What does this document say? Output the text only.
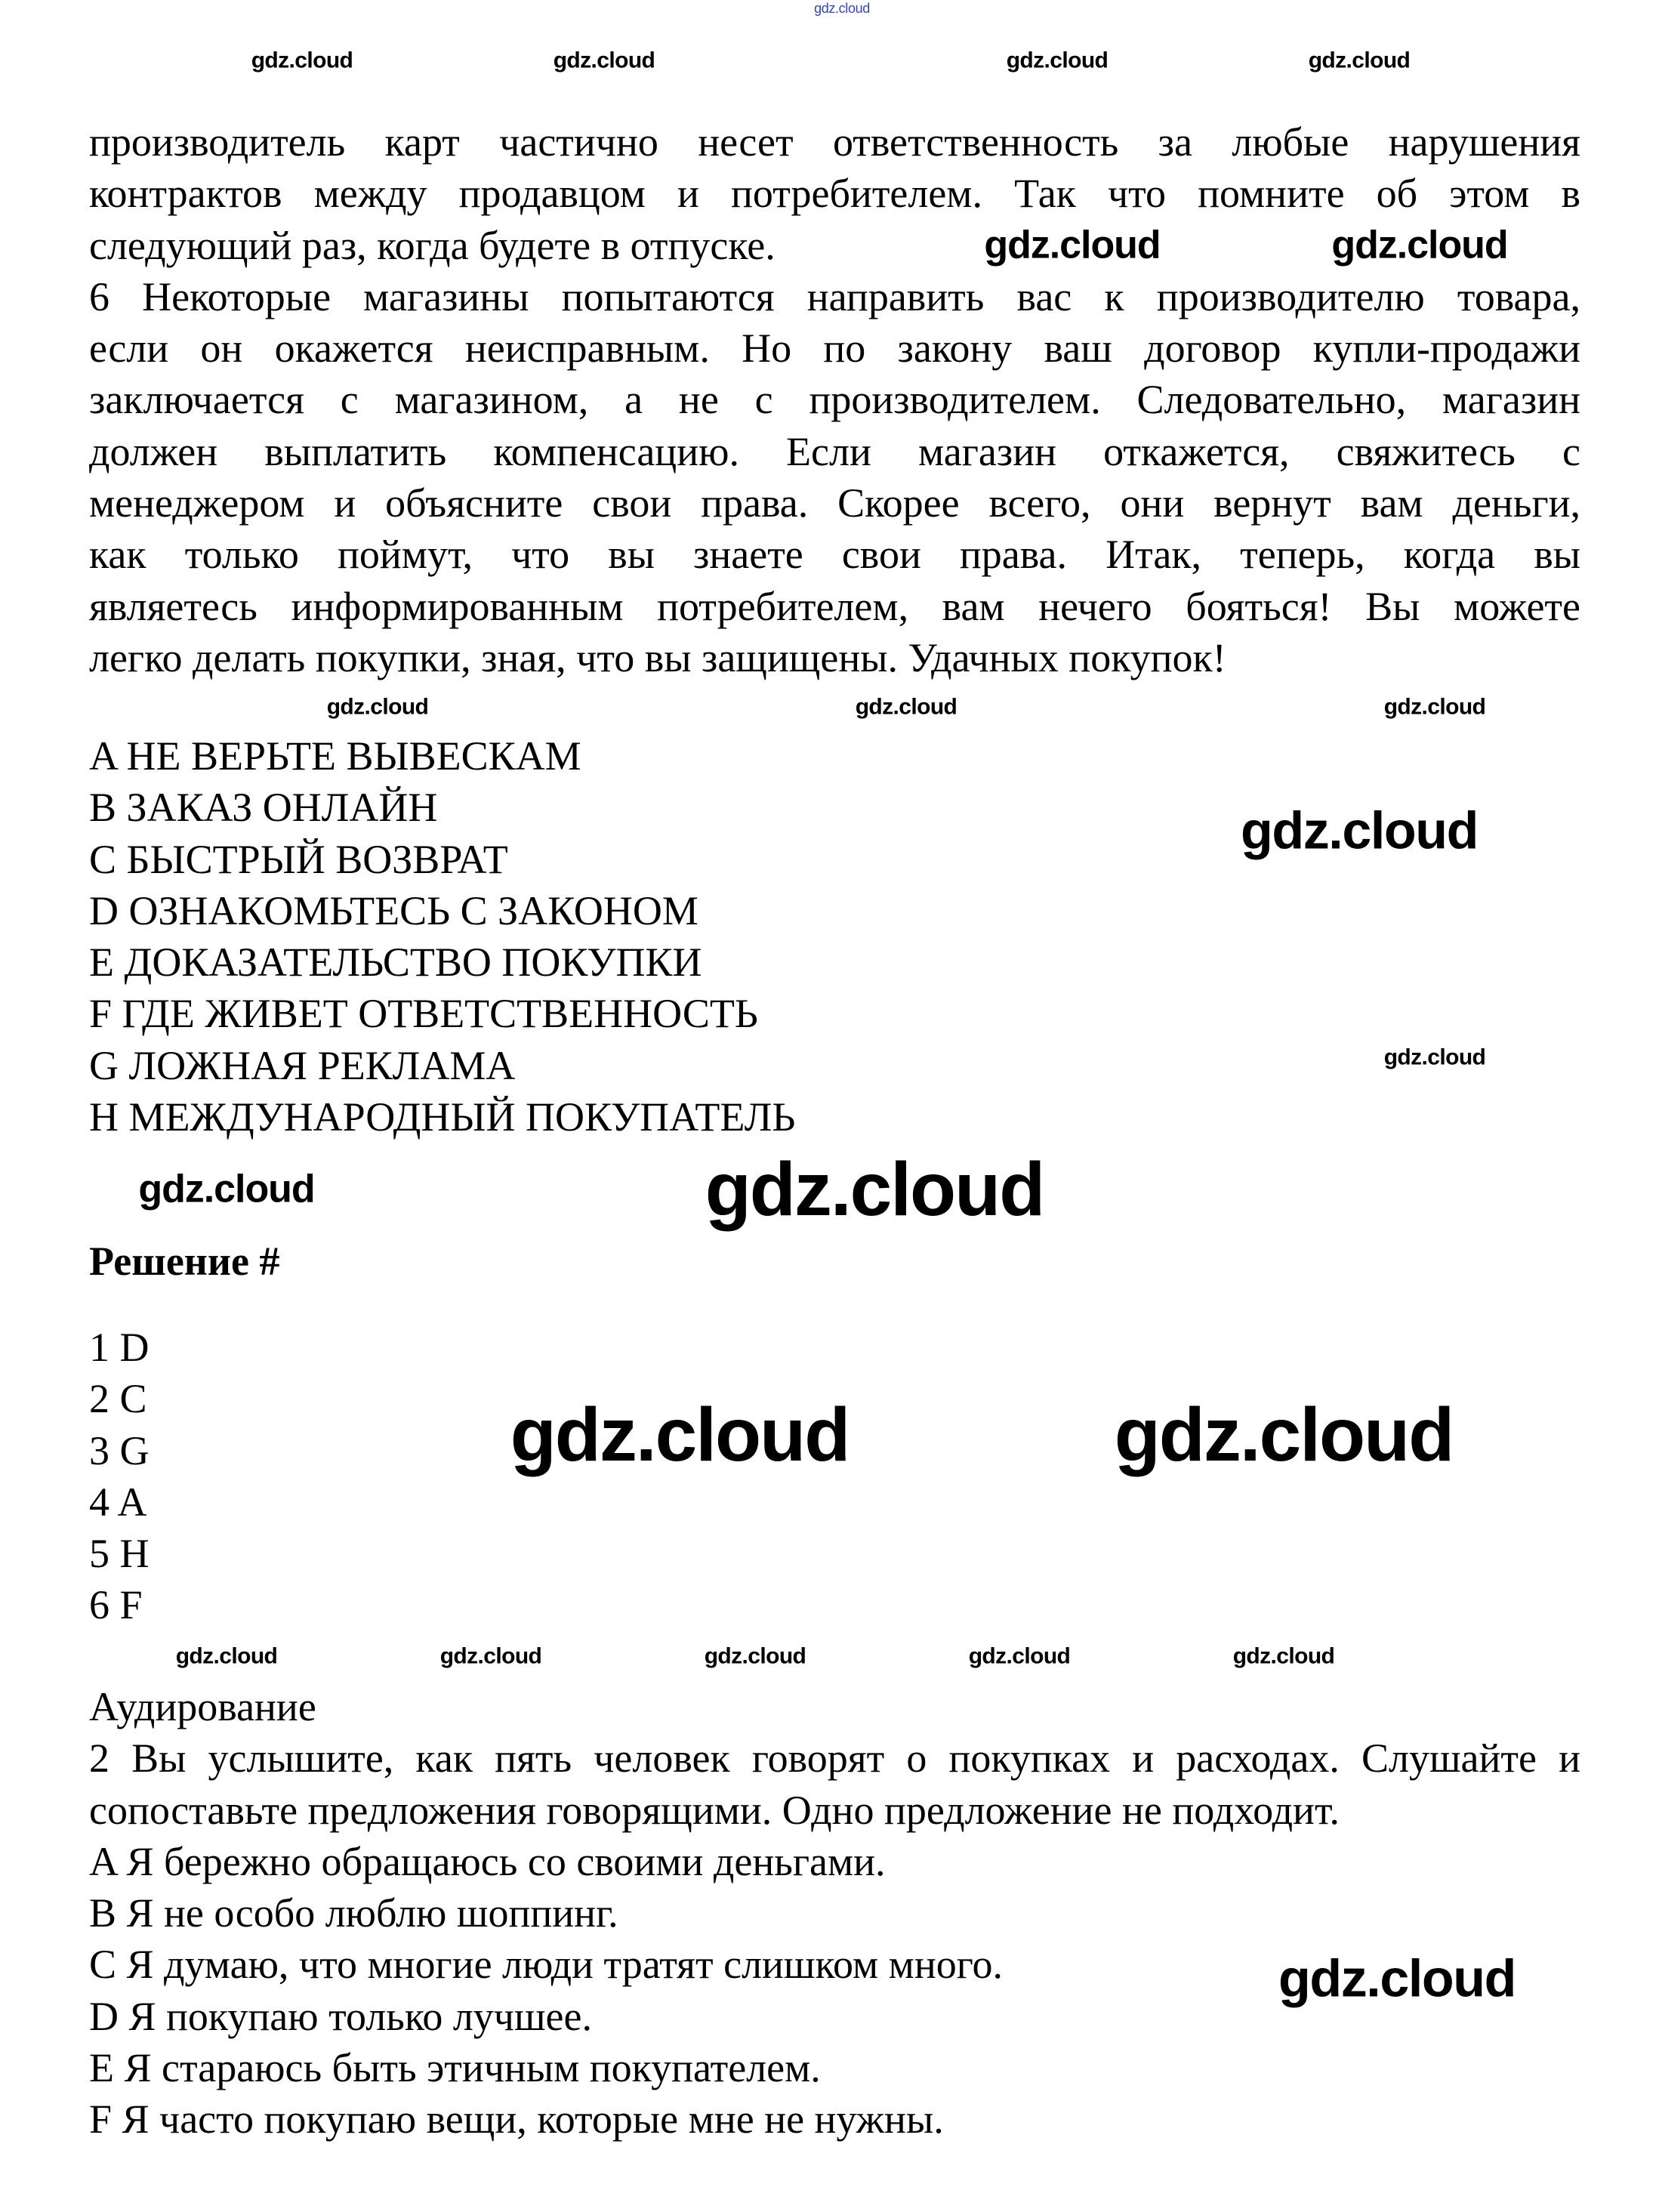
gdz.cloud
производитель карт частично несет ответственность за любые нарушения
контрактов между продавцом и потребителем. Так что помните об этом в
следующий раз, когда будете в отпуске.
6 Некоторые магазины попытаются направить вас к производителю товара,
если он окажется неисправным. Но по закону ваш договор купли-продажи
заключается с магазином, а не с производителем. Следовательно, магазин
должен выплатить компенсацию. Если магазин откажется, свяжитесь с
менеджером и объясните свои права. Скорее всего, они вернут вам деньги,
как только поймут, что вы знаете свои права. Итак, теперь, когда вы
являетесь информированным потребителем, вам нечего бояться! Вы можете
легко делать покупки, зная, что вы защищены. Удачных покупок!
A НЕ ВЕРЬТЕ ВЫВЕСКАМ
B ЗАКАЗ ОНЛАЙН
C БЫСТРЫЙ ВОЗВРАТ
D ОЗНАКОМЬТЕСЬ С ЗАКОНОМ
E ДОКАЗАТЕЛЬСТВО ПОКУПКИ
F ГДЕ ЖИВЕТ ОТВЕТСТВЕННОСТЬ
G ЛОЖНАЯ РЕКЛАМА
H МЕЖДУНАРОДНЫЙ ПОКУПАТЕЛЬ
Решение #
1 D
2 C
3 G
4 A
5 H
6 F
Аудирование
2 Вы услышите, как пять человек говорят о покупках и расходах. Слушайте и
сопоставьте предложения говорящими. Одно предложение не подходит.
A Я бережно обращаюсь со своими деньгами.
B Я не особо люблю шоппинг.
C Я думаю, что многие люди тратят слишком много.
D Я покупаю только лучшее.
E Я стараюсь быть этичным покупателем.
F Я часто покупаю вещи, которые мне не нужны.
gdz.cloud	gdz.cloud
gdz.cloud	gdz.cloud
gdz.cloud	gdz.cloud
gdz.cloud	gdz.cloud	gdz.cloud
gdz.cloud
gdz.cloud
gdz.cloud	gdz.cloud
gdz.cloud	gdz.cloud
gdz.cloud	gdz.cloud	gdz.cloud	gdz.cloud	gdz.cloud
gdz.cloud
